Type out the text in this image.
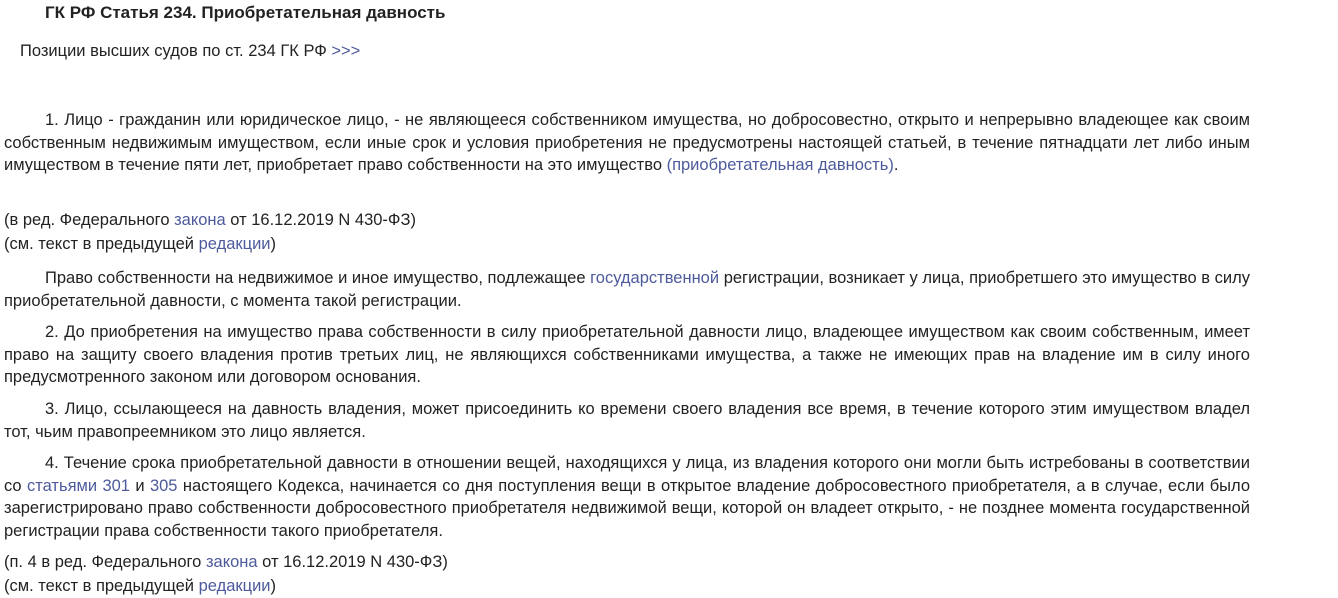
ГК РФ Статья 234. Приобретательная давность
Позиции высших судов по ст. 234 ГК РФ >>>

1. Лицо - гражданин или юридическое лицо, - не являющееся собственником имущества, но добросовестно, открыто и непрерывно владеющее как своим собственным недвижимым имуществом, если иные срок и условия приобретения не предусмотрены настоящей статьей, в течение пятнадцати лет либо иным имуществом в течение пяти лет, приобретает право собственности на это имущество (приобретательная давность).

(в ред. Федерального закона от 16.12.2019 N 430-ФЗ)
(см. текст в предыдущей редакции)

Право собственности на недвижимое и иное имущество, подлежащее государственной регистрации, возникает у лица, приобретшего это имущество в силу приобретательной давности, с момента такой регистрации.

2. До приобретения на имущество права собственности в силу приобретательной давности лицо, владеющее имуществом как своим собственным, имеет право на защиту своего владения против третьих лиц, не являющихся собственниками имущества, а также не имеющих прав на владение им в силу иного предусмотренного законом или договором основания.

3. Лицо, ссылающееся на давность владения, может присоединить ко времени своего владения все время, в течение которого этим имуществом владел тот, чьим правопреемником это лицо является.

4. Течение срока приобретательной давности в отношении вещей, находящихся у лица, из владения которого они могли быть истребованы в соответствии со статьями 301 и 305 настоящего Кодекса, начинается со дня поступления вещи в открытое владение добросовестного приобретателя, а в случае, если было зарегистрировано право собственности добросовестного приобретателя недвижимой вещи, которой он владеет открыто, - не позднее момента государственной регистрации права собственности такого приобретателя.

(п. 4 в ред. Федерального закона от 16.12.2019 N 430-ФЗ)
(см. текст в предыдущей редакции)
